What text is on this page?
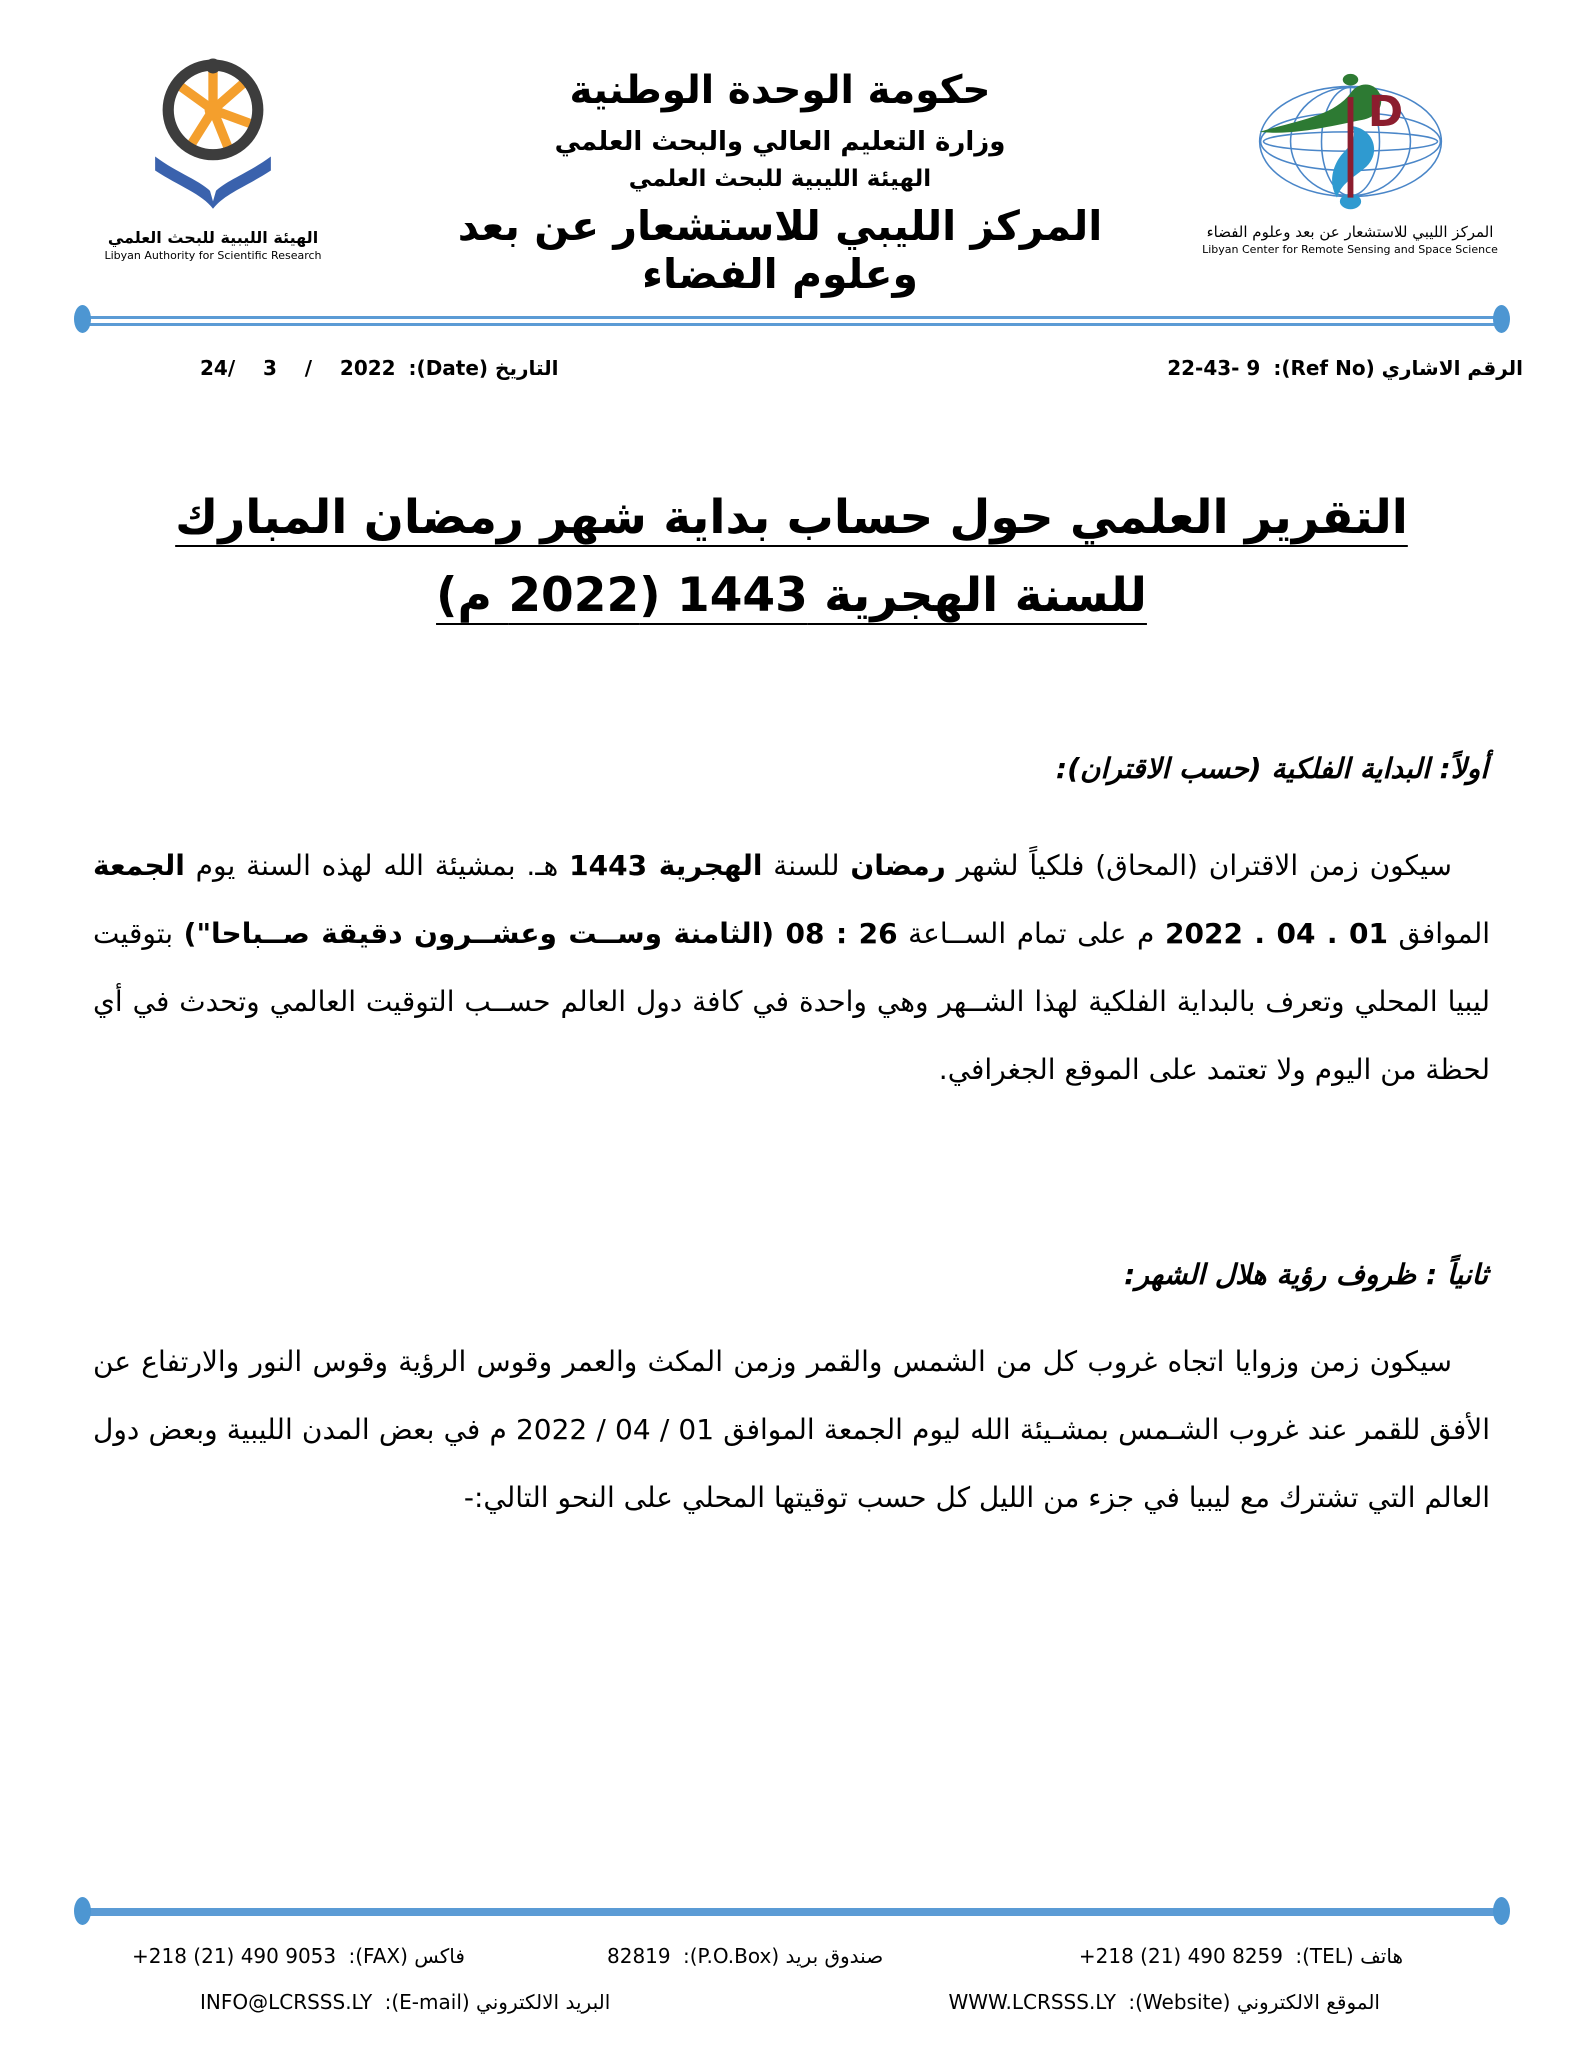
الهيئة الليبية للبحث العلمي
Libyan Authority for Scientific Research
حكومة الوحدة الوطنية
وزارة التعليم العالي والبحث العلمي
الهيئة الليبية للبحث العلمي
المركز الليبي للاستشعار عن بعد وعلوم الفضاء
D
المركز الليبي للاستشعار عن بعد وعلوم الفضاء
Libyan Center for Remote Sensing and Space Science
التاريخ (Date): 24/    3    /    2022	الرقم الاشاري (Ref No): 22-43- 9
التقرير العلمي حول حساب بداية شهر رمضان المبارك
للسنة الهجرية 1443 (2022 م)
أولاً: البداية الفلكية (حسب الاقتران):
سيكون زمن الاقتران (المحاق) فلكياً لشهر رمضان للسنة الهجرية 1443 هـ. بمشيئة الله لهذه السنة يوم الجمعة الموافق 01 . 04 . 2022 م على تمام الســاعة 26 : 08 (الثامنة وســت وعشــرون دقيقة صــباحا") بتوقيت ليبيا المحلي وتعرف بالبداية الفلكية لهذا الشــهر وهي واحدة في كافة دول العالم حســب التوقيت العالمي وتحدث في أي لحظة من اليوم ولا تعتمد على الموقع الجغرافي.
ثانياً : ظروف رؤية هلال الشهر:
سيكون زمن وزوايا اتجاه غروب كل من الشمس والقمر وزمن المكث والعمر وقوس الرؤية وقوس النور والارتفاع عن الأفق للقمر عند غروب الشـمس بمشـيئة الله ليوم الجمعة الموافق 01 / 04 / 2022 م في بعض المدن الليبية وبعض دول العالم التي تشترك مع ليبيا في جزء من الليل كل حسب توقيتها المحلي على النحو التالي:-
هاتف (TEL): +218 (21) 490 8259
صندوق بريد (P.O.Box): 82819
فاكس (FAX): +218 (21) 490 9053
الموقع الالكتروني (Website): WWW.LCRSSS.LY
البريد الالكتروني (E-mail): INFO@LCRSSS.LY
